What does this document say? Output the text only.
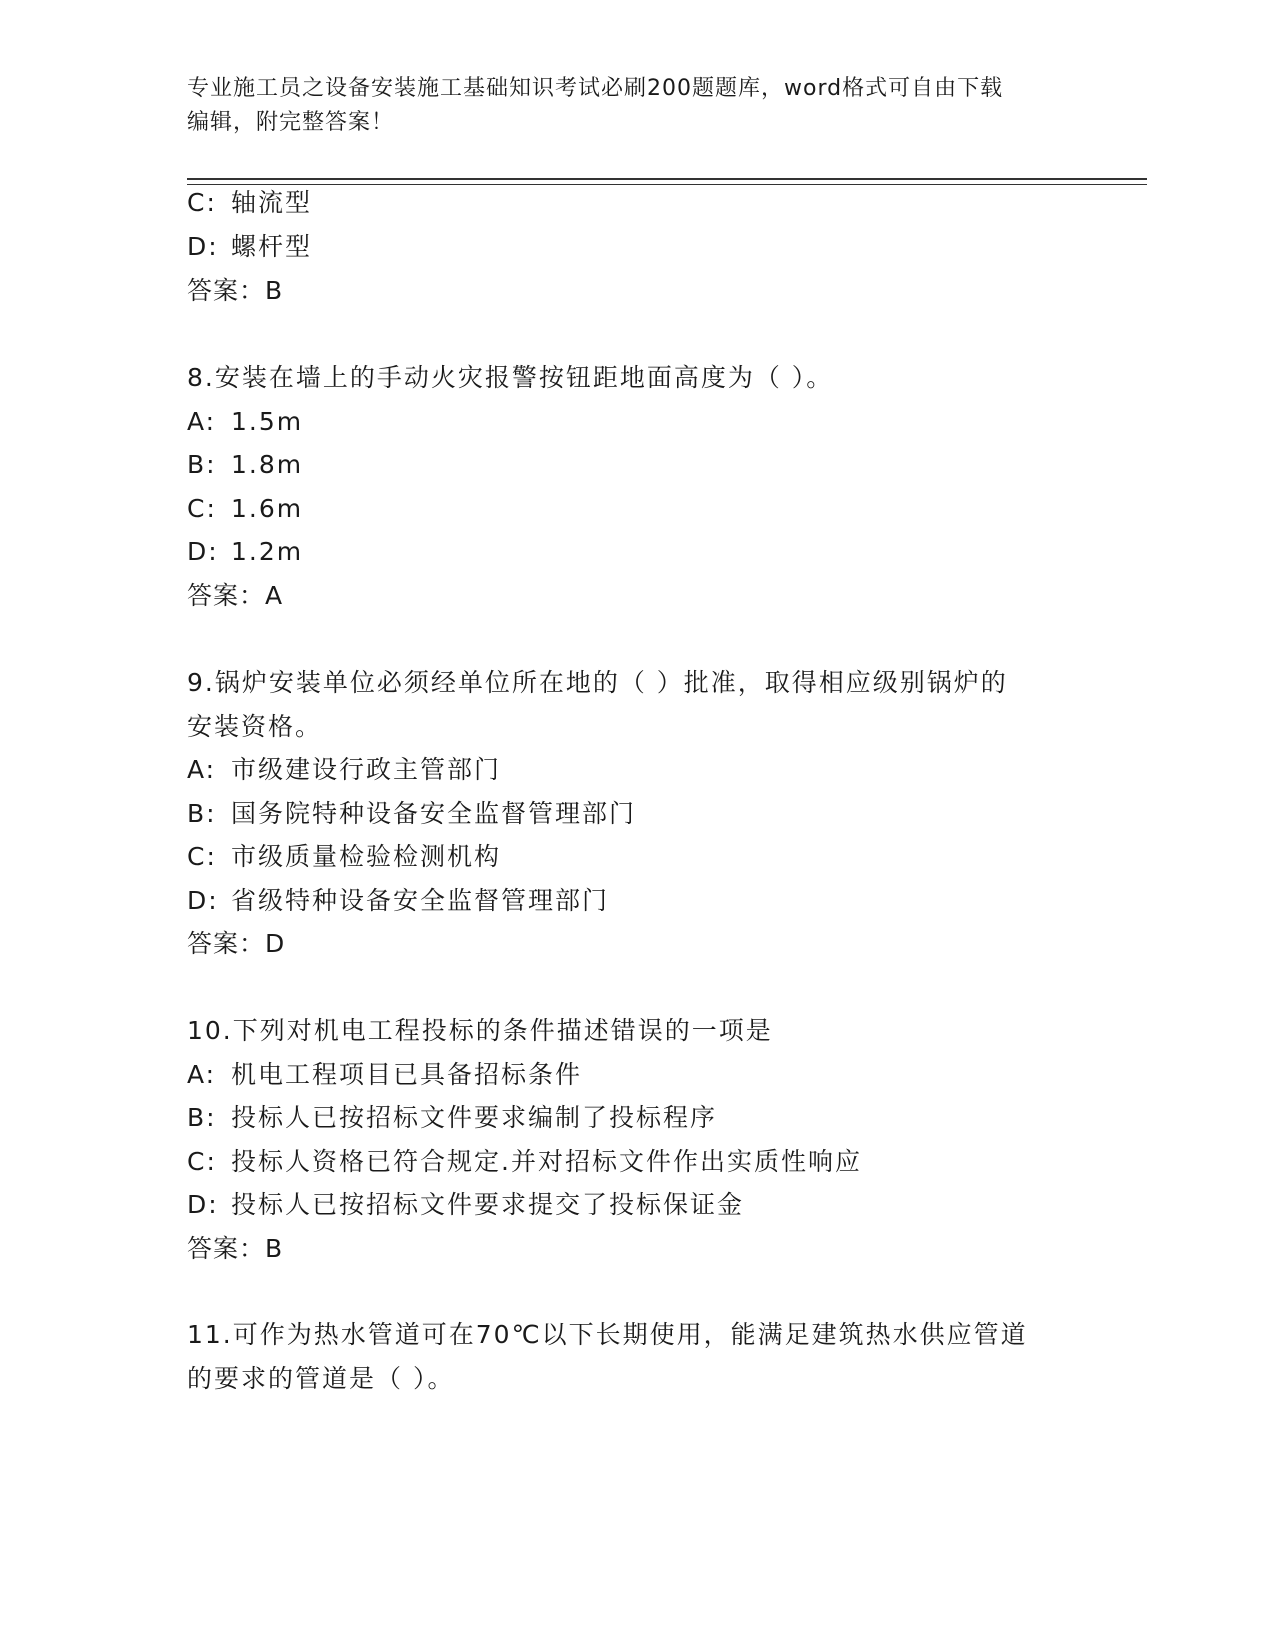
专业施工员之设备安装施工基础知识考试必刷200题题库，word格式可自由下载
编辑，附完整答案！
C: 轴流型
D: 螺杆型
答案：B
8.安装在墙上的手动火灾报警按钮距地面高度为（ ）。
A: 1.5m
B: 1.8m
C: 1.6m
D: 1.2m
答案：A
9.锅炉安装单位必须经单位所在地的（ ）批准，取得相应级别锅炉的
安装资格。
A: 市级建设行政主管部门
B: 国务院特种设备安全监督管理部门
C: 市级质量检验检测机构
D: 省级特种设备安全监督管理部门
答案：D
10.下列对机电工程投标的条件描述错误的一项是
A: 机电工程项目已具备招标条件
B: 投标人已按招标文件要求编制了投标程序
C: 投标人资格已符合规定.并对招标文件作出实质性响应
D: 投标人已按招标文件要求提交了投标保证金
答案：B
11.可作为热水管道可在70℃以下长期使用，能满足建筑热水供应管道
的要求的管道是（ ）。
